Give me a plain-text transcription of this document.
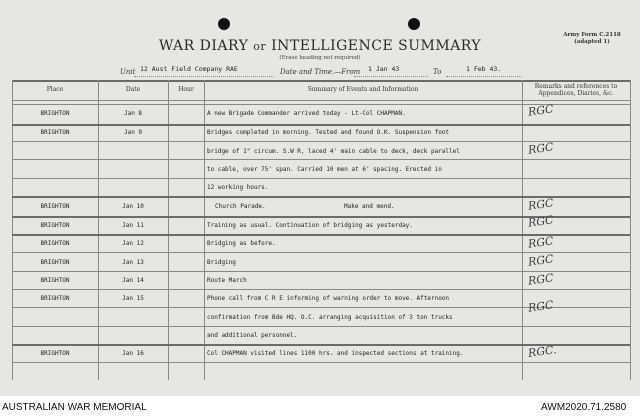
WAR DIARY or INTELLIGENCE SUMMARY
(Erase heading not required)
Army Form C.2118
(adapted 1)
Unit 12 Aust Field Company RAE	Date and Time.—From 1 Jan 43	To	1 Feb 43.
Place	Date	Hour	Summary of Events and Information	Remarks and references to
Appendices, Diaries, &c.
BRIGHTON	Jan 8	A new Brigade Commander arrived today - Lt-Col CHAPMAN.	RGC
BRIGHTON	Jan 9	Bridges completed in morning. Tested and found O.K. Suspension foot
bridge of 1" circum. S.W R, laced 4' main cable to deck, deck parallel
to cable, over 75' span. Carried 10 men at 6' spacing. Erected in
12 working hours.
RGC
BRIGHTON	Jan 10	Church Parade.	Make and mend.	RGC
BRIGHTON	Jan 11	Training as usual. Continuation of bridging as yesterday.	RGC
BRIGHTON	Jan 12	Bridging as before.	RGC
BRIGHTON	Jan 13	Bridging	RGC
BRIGHTON	Jan 14	Route March	RGC
BRIGHTON	Jan 15	Phone call from C R E informing of warning order to move. Afternoon
confirmation from Bde HQ. O.C. arranging acquisition of 3 ton trucks
and additional personnel.
RGC
BRIGHTON	Jan 16	Col CHAPMAN visited lines 1100 hrs. and inspected sections at training.	RGC.
AUSTRALIAN WAR MEMORIAL	AWM2020.71.2580
